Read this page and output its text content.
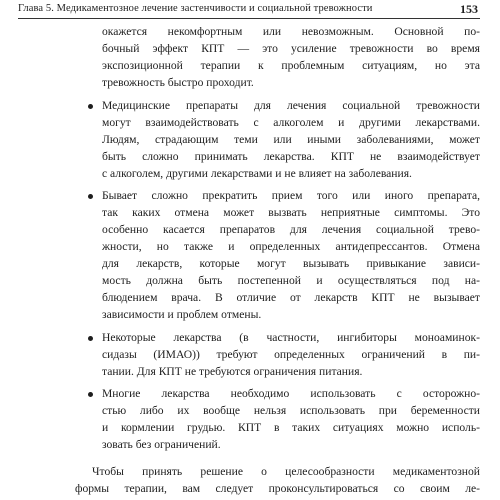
Глава 5. Медикаментозное лечение застенчивости и социальной тревожности	153
окажется некомфортным или невозможным. Основной по-
бочный эффект КПТ — это усиление тревожности во время
экспозиционной терапии к проблемным ситуациям, но эта
тревожность быстро проходит.
Медицинские препараты для лечения социальной тревожности
могут взаимодействовать с алкоголем и другими лекарствами.
Людям, страдающим теми или иными заболеваниями, может
быть сложно принимать лекарства. КПТ не взаимодействует
с алкоголем, другими лекарствами и не влияет на заболевания.
Бывает сложно прекратить прием того или иного препарата,
так каких отмена может вызвать неприятные симптомы. Это
особенно касается препаратов для лечения социальной трево-
жности, но также и определенных антидепрессантов. Отмена
для лекарств, которые могут вызывать привыкание зависи-
мость должна быть постепенной и осуществляться под на-
блюдением врача. В отличие от лекарств КПТ не вызывает
зависимости и проблем отмены.
Некоторые лекарства (в частности, ингибиторы моноаминок-
сидазы (ИМАО)) требуют определенных ограничений в пи-
тании. Для КПТ не требуются ограничения питания.
Многие лекарства необходимо использовать с осторожно-
стью либо их вообще нельзя использовать при беременности
и кормлении грудью. КПТ в таких ситуациях можно исполь-
зовать без ограничений.
Чтобы принять решение о целесообразности медикаментозной
формы терапии, вам следует проконсультироваться со своим ле-
